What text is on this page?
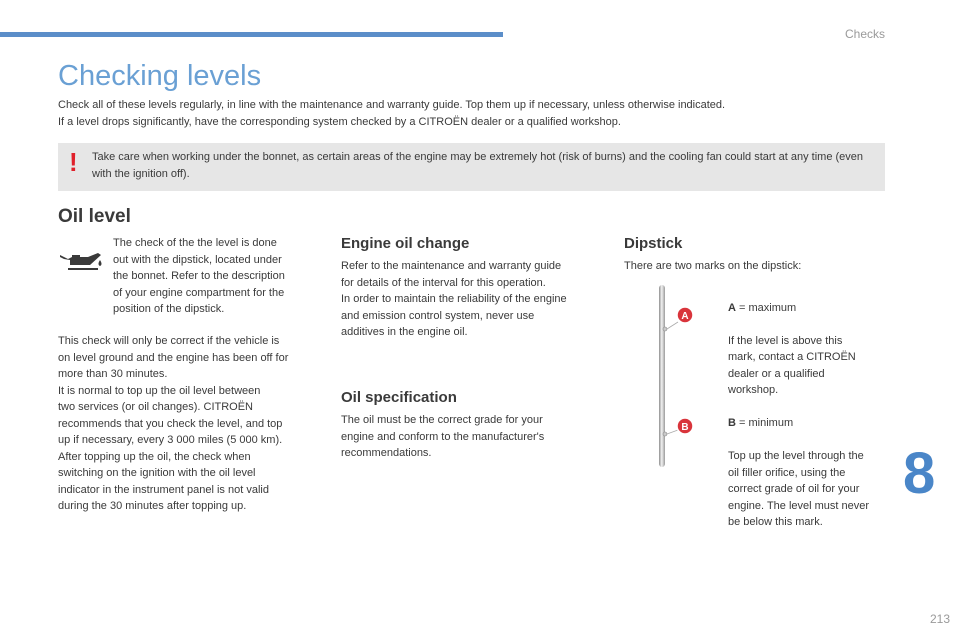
Checks
Checking levels
Check all of these levels regularly, in line with the maintenance and warranty guide. Top them up if necessary, unless otherwise indicated.
If a level drops significantly, have the corresponding system checked by a CITROËN dealer or a qualified workshop.
! Take care when working under the bonnet, as certain areas of the engine may be extremely hot (risk of burns) and the cooling fan could start at any time (even with the ignition off).
Oil level

The check of the the level is done
out with the dipstick, located under
the bonnet. Refer to the description
of your engine compartment for the
position of the dipstick.

This check will only be correct if the vehicle is
on level ground and the engine has been off for
more than 30 minutes.
It is normal to top up the oil level between
two services (or oil changes). CITROËN
recommends that you check the level, and top
up if necessary, every 3 000 miles (5 000 km).
After topping up the oil, the check when
switching on the ignition with the oil level
indicator in the instrument panel is not valid
during the 30 minutes after topping up.

Engine oil change

Refer to the maintenance and warranty guide
for details of the interval for this operation.
In order to maintain the reliability of the engine
and emission control system, never use
additives in the engine oil.

Oil specification

The oil must be the correct grade for your
engine and conform to the manufacturer's
recommendations.

Dipstick

There are two marks on the dipstick:

A
B

A = maximum

If the level is above this
mark, contact a CITROËN
dealer or a qualified
workshop.

B = minimum

Top up the level through the
oil filler orifice, using the
correct grade of oil for your
engine. The level must never
be below this mark.

8
213
